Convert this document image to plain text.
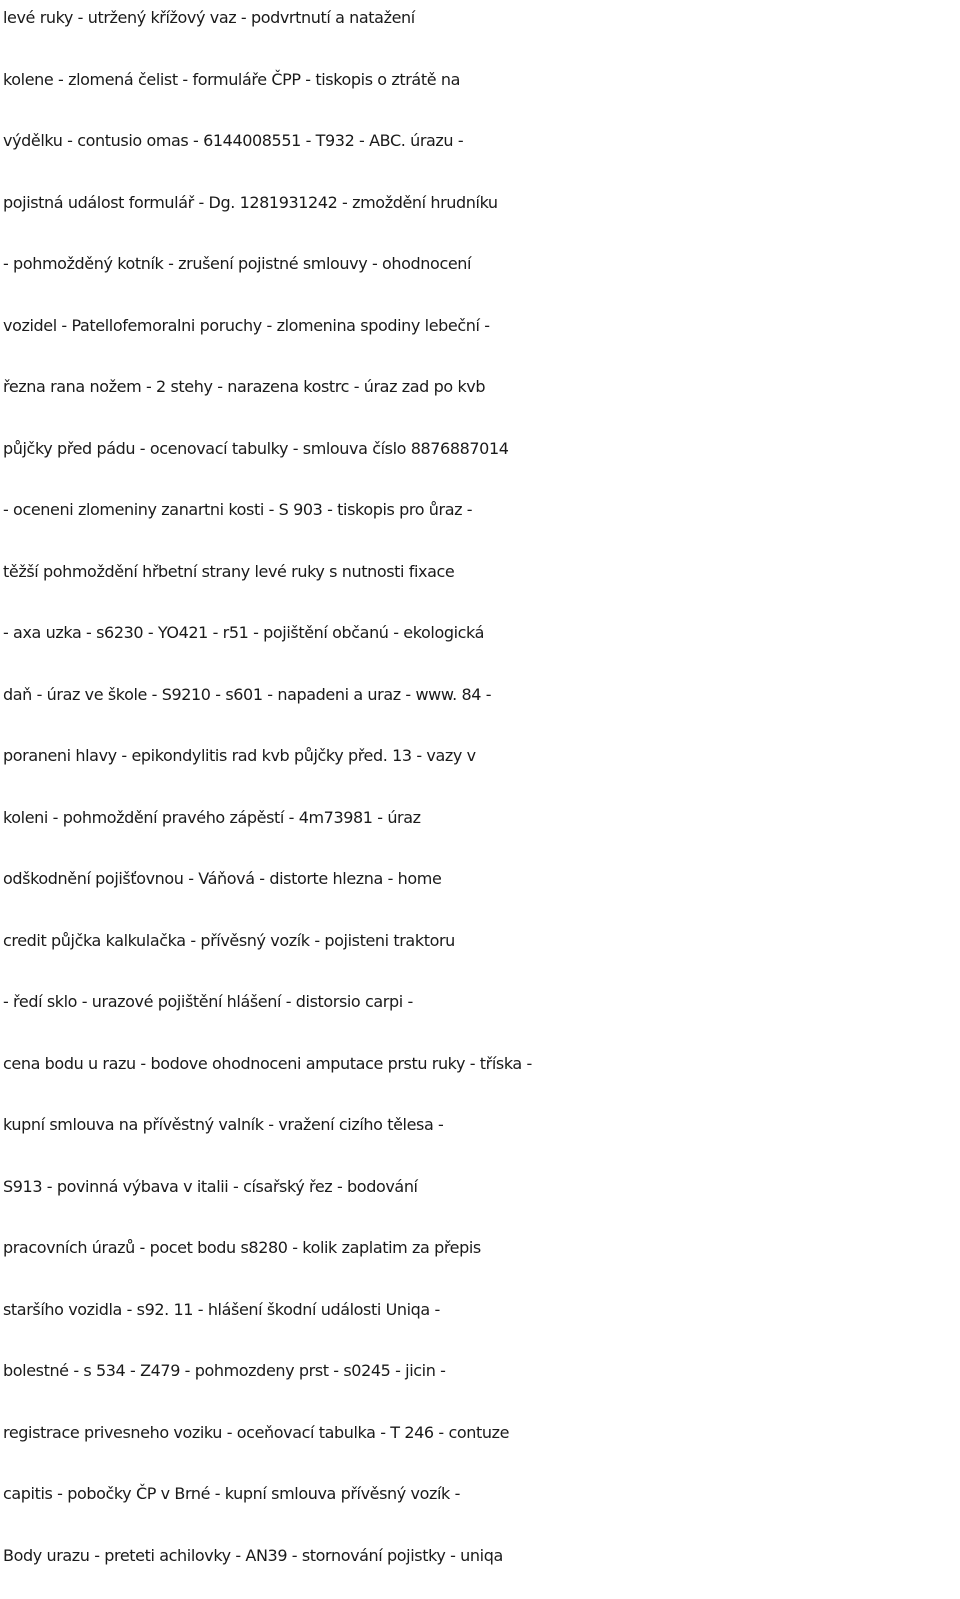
levé ruky - utržený křížový vaz - podvrtnutí a natažení
kolene - zlomená čelist - formuláře ČPP - tiskopis o ztrátě na
výdělku - contusio omas - 6144008551 - T932 - ABC. úrazu -
pojistná událost formulář - Dg. 1281931242 - zmoždění hrudníku
- pohmožděný kotník - zrušení pojistné smlouvy - ohodnocení
vozidel - Patellofemoralni poruchy - zlomenina spodiny lebeční -
řezna rana nožem - 2 stehy - narazena kostrc - úraz zad po kvb
půjčky před pádu - ocenovací tabulky - smlouva číslo 8876887014
- oceneni zlomeniny zanartni kosti - S 903 - tiskopis pro ůraz -
těžší pohmoždění hřbetní strany levé ruky s nutnosti fixace
- axa uzka - s6230 - YO421 - r51 - pojištění občanú - ekologická
daň - úraz ve škole - S9210 - s601 - napadeni a uraz - www. 84 -
poraneni hlavy - epikondylitis rad kvb půjčky před. 13 - vazy v
koleni - pohmoždění pravého zápěstí - 4m73981 - úraz
odškodnění pojišťovnou - Váňová - distorte hlezna - home
credit půjčka kalkulačka - přívěsný vozík - pojisteni traktoru
- ředí sklo - urazové pojištění hlášení - distorsio carpi -
cena bodu u razu - bodove ohodnoceni amputace prstu ruky - tříska -
kupní smlouva na přívěstný valník - vražení cizího tělesa -
S913 - povinná výbava v italii - císařský řez - bodování
pracovních úrazů - pocet bodu s8280 - kolik zaplatim za přepis
staršího vozidla - s92. 11 - hlášení škodní události Uniqa -
bolestné - s 534 - Z479 - pohmozdeny prst - s0245 - jicin -
registrace privesneho voziku - oceňovací tabulka - T 246 - contuze
capitis - pobočky ČP v Brné - kupní smlouva přívěsný vozík -
Body urazu - preteti achilovky - AN39 - stornování pojistky - uniqa
